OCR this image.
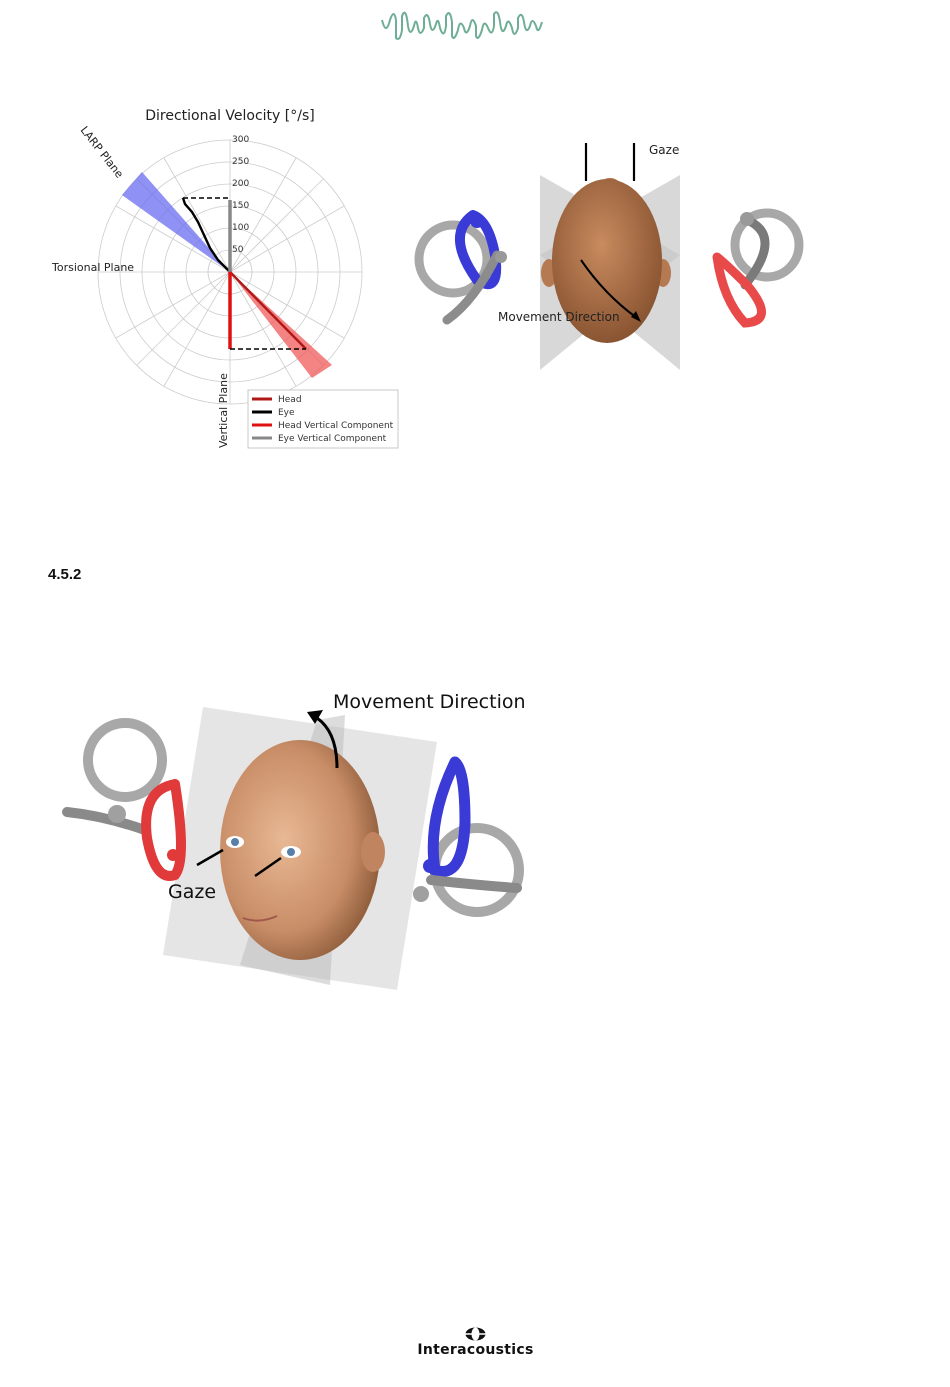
Directional Velocity [°/s]
300
250
200
150
100
50
LARP Plane
Torsional Plane
Vertical Plane	Head
Eye
Head Vertical Component
Eye Vertical Component
Gaze
Movement Direction
4.5.2
Movement Direction
Gaze
Interacoustics
